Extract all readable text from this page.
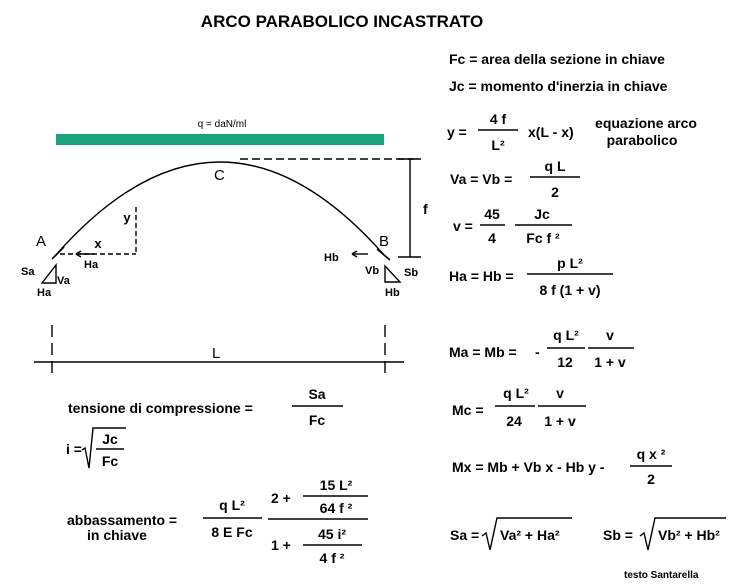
ARCO PARABOLICO INCASTRATO
q = daN/ml
x
y
f
C
A	B
Ha
Sa
Va
Ha
Hb
Vb Sb
Hb
L
Fc = area della sezione in chiave
Jc = momento d'inerzia in chiave
y =
4 f
L²
x(L - x)
equazione arco
parabolico
Va = Vb =
q L
2
v =
45
4
Jc
Fc f ²
Ha = Hb =
p L²
8 f (1 + v)
Ma = Mb = -
q L²
12
v
1 + v
Mc =
q L²
24
v
1 + v
Mx = Mb + Vb x - Hb y -
q x ²
2
Sa = Va² + Ha²	Sb = Vb² + Hb²
tensione di compressione =
Sa
Fc
i =
Jc
Fc
abbassamento =
in chiave
q L²
8 E Fc
2 +
15 L²
64 f ²
1 +
45 i²
4 f ²
testo Santarella
